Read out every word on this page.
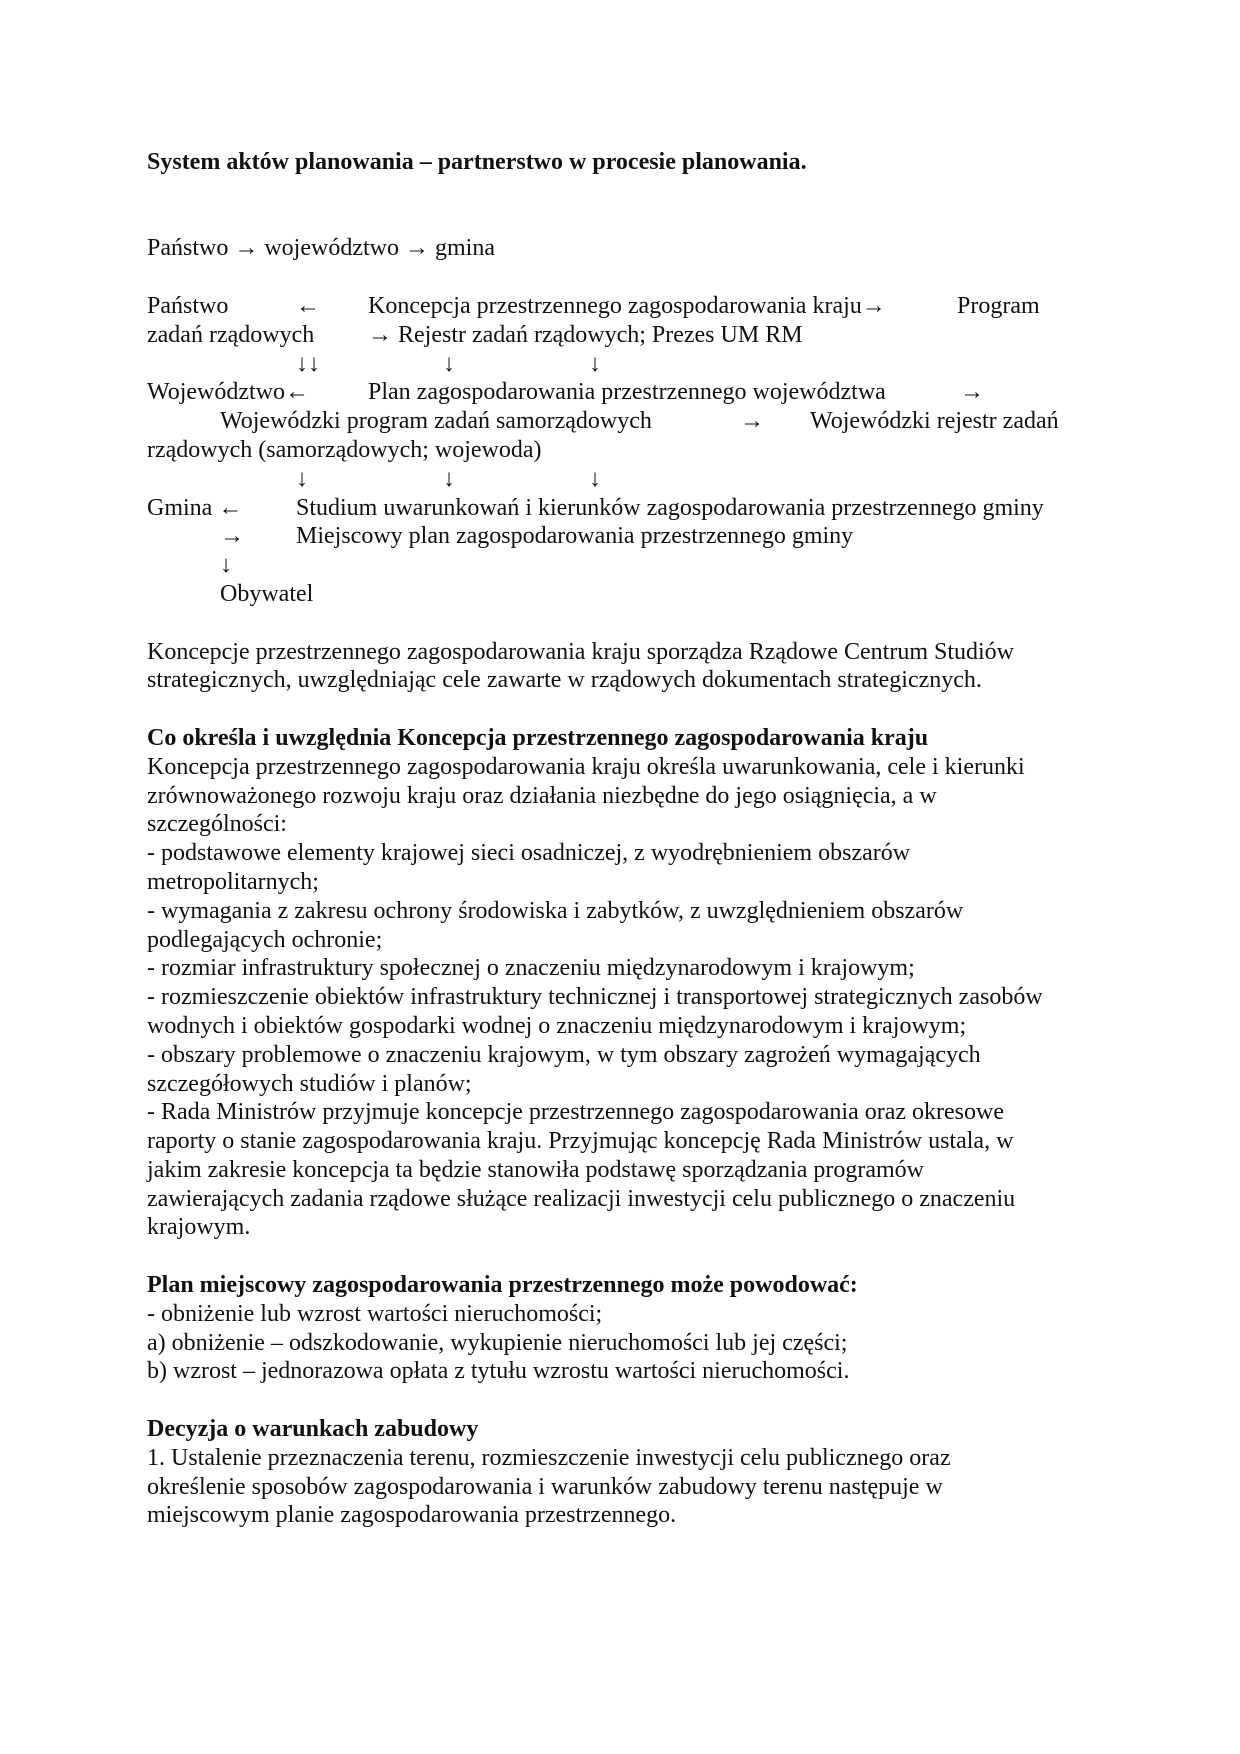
System aktów planowania – partnerstwo w procesie planowania.
Państwo → województwo → gmina
Państwo	← Koncepcja przestrzennego zagospodarowania kraju→	Program
zadań rządowych → Rejestr zadań rządowych; Prezes UM RM
↓↓	↓	↓
Województwo← Plan zagospodarowania przestrzennego województwa	→
Wojewódzki program zadań samorządowych	→ Wojewódzki rejestr zadań
rządowych (samorządowych; wojewoda)
↓	↓	↓
Gmina ← Studium uwarunkowań i kierunków zagospodarowania przestrzennego gminy
→ Miejscowy plan zagospodarowania przestrzennego gminy
↓
Obywatel
Koncepcje przestrzennego zagospodarowania kraju sporządza Rządowe Centrum Studiów
strategicznych, uwzględniając cele zawarte w rządowych dokumentach strategicznych.
Co określa i uwzględnia Koncepcja przestrzennego zagospodarowania kraju
Koncepcja przestrzennego zagospodarowania kraju określa uwarunkowania, cele i kierunki
zrównoważonego rozwoju kraju oraz działania niezbędne do jego osiągnięcia, a w
szczególności:
- podstawowe elementy krajowej sieci osadniczej, z wyodrębnieniem obszarów
metropolitarnych;
- wymagania z zakresu ochrony środowiska i zabytków, z uwzględnieniem obszarów
podlegających ochronie;
- rozmiar infrastruktury społecznej o znaczeniu międzynarodowym i krajowym;
- rozmieszczenie obiektów infrastruktury technicznej i transportowej strategicznych zasobów
wodnych i obiektów gospodarki wodnej o znaczeniu międzynarodowym i krajowym;
- obszary problemowe o znaczeniu krajowym, w tym obszary zagrożeń wymagających
szczegółowych studiów i planów;
- Rada Ministrów przyjmuje koncepcje przestrzennego zagospodarowania oraz okresowe
raporty o stanie zagospodarowania kraju. Przyjmując koncepcję Rada Ministrów ustala, w
jakim zakresie koncepcja ta będzie stanowiła podstawę sporządzania programów
zawierających zadania rządowe służące realizacji inwestycji celu publicznego o znaczeniu
krajowym.
Plan miejscowy zagospodarowania przestrzennego może powodować:
- obniżenie lub wzrost wartości nieruchomości;
a) obniżenie – odszkodowanie, wykupienie nieruchomości lub jej części;
b) wzrost – jednorazowa opłata z tytułu wzrostu wartości nieruchomości.
Decyzja o warunkach zabudowy
1. Ustalenie przeznaczenia terenu, rozmieszczenie inwestycji celu publicznego oraz
określenie sposobów zagospodarowania i warunków zabudowy terenu następuje w
miejscowym planie zagospodarowania przestrzennego.
